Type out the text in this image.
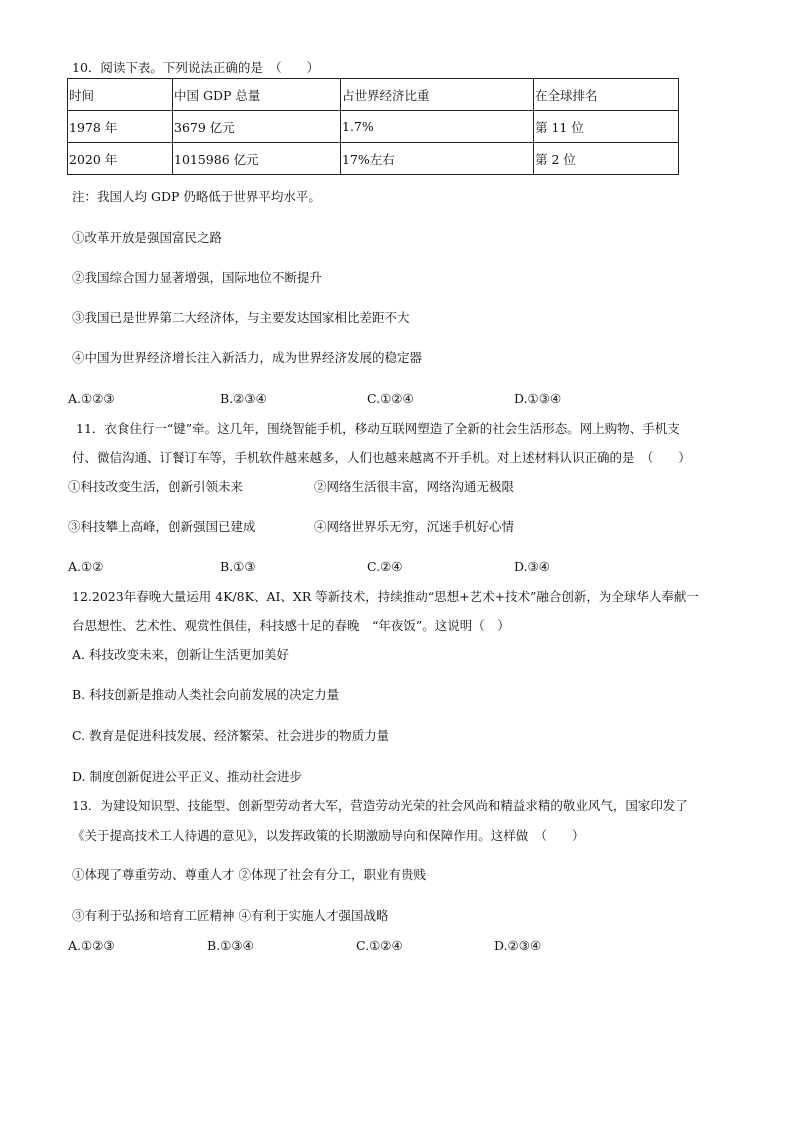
10．阅读下表。下列说法正确的是　（　　）
时间	中国 GDP 总量	占世界经济比重	在全球排名
1978 年	3679 亿元	1.7%	第 11 位
2020 年	1015986 亿元	17%左右	第 2 位
注：我国人均 GDP 仍略低于世界平均水平。
①改革开放是强国富民之路
②我国综合国力显著增强，国际地位不断提升
③我国已是世界第二大经济体，与主要发达国家相比差距不大
④中国为世界经济增长注入新活力，成为世界经济发展的稳定器
A.①②③	B.②③④	C.①②④	D.①③④
11．衣食住行一“键”牵。这几年，围绕智能手机，移动互联网塑造了全新的社会生活形态。网上购物、手机支
付、微信沟通、订餐订车等，手机软件越来越多，人们也越来越离不开手机。对上述材料认识正确的是　（　　）
①科技改变生活，创新引领未来	②网络生活很丰富，网络沟通无极限
③科技攀上高峰，创新强国已建成	④网络世界乐无穷，沉迷手机好心情
A.①②	B.①③	C.②④	D.③④
12.2023年春晚大量运用 4K/8K、AI、XR 等新技术，持续推动“思想+艺术+技术”融合创新，为全球华人奉献一
台思想性、艺术性、观赏性俱佳，科技感十足的春晚　“年夜饭”。这说明（　）
A. 科技改变未来，创新让生活更加美好
B. 科技创新是推动人类社会向前发展的决定力量
C. 教育是促进科技发展、经济繁荣、社会进步的物质力量
D. 制度创新促进公平正义、推动社会进步
13．为建设知识型、技能型、创新型劳动者大军，营造劳动光荣的社会风尚和精益求精的敬业风气，国家印发了
《关于提高技术工人待遇的意见》，以发挥政策的长期激励导向和保障作用。这样做　（　　）
①体现了尊重劳动、尊重人才 ②体现了社会有分工，职业有贵贱
③有利于弘扬和培育工匠精神 ④有利于实施人才强国战略
A.①②③	B.①③④	C.①②④	D.②③④
